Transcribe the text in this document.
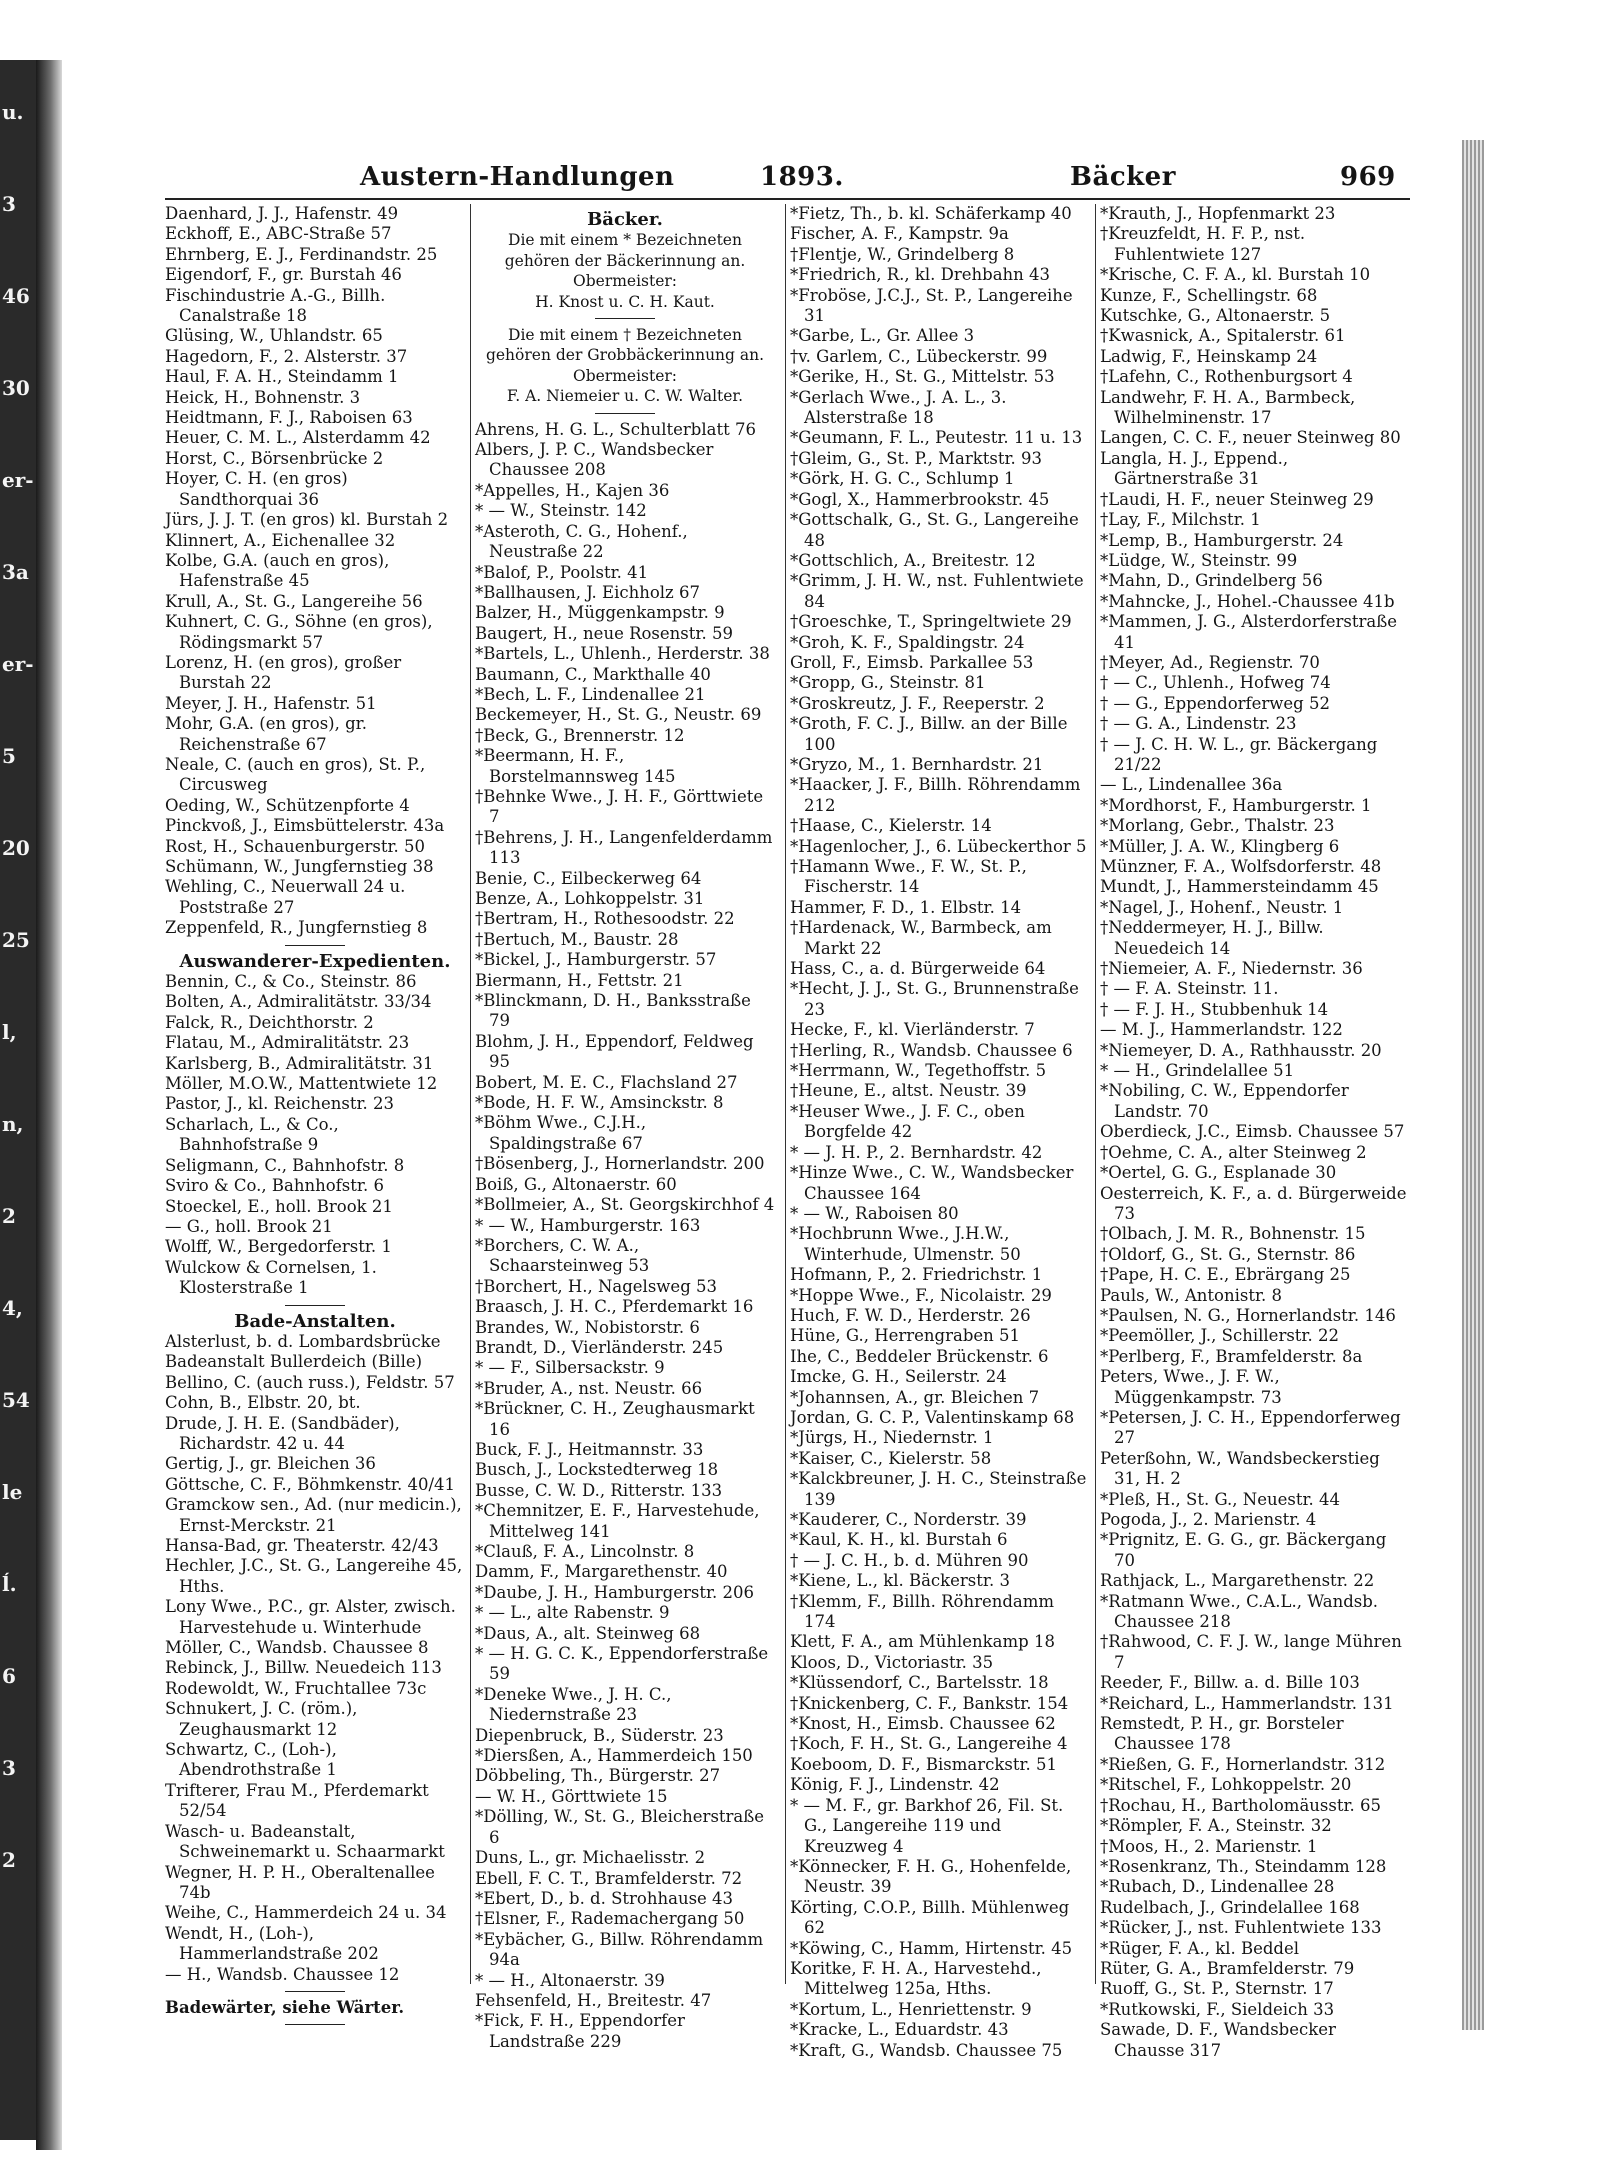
u.
3
46
30
er-
3a
er-
5
20
25
l,
n,
2
4,
54
le
ĺ.
6
3
2
Austern-Handlungen	1893.	Bäcker	969
Daenhard, J. J., Hafenstr. 49
Eckhoff, E., ABC-Straße 57
Ehrnberg, E. J., Ferdinandstr. 25
Eigendorf, F., gr. Burstah 46
Fischindustrie A.-G., Billh. Canalstraße 18
Glüsing, W., Uhlandstr. 65
Hagedorn, F., 2. Alsterstr. 37
Haul, F. A. H., Steindamm 1
Heick, H., Bohnenstr. 3
Heidtmann, F. J., Raboisen 63
Heuer, C. M. L., Alsterdamm 42
Horst, C., Börsenbrücke 2
Hoyer, C. H. (en gros) Sandthorquai 36
Jürs, J. J. T. (en gros) kl. Burstah 2
Klinnert, A., Eichenallee 32
Kolbe, G.A. (auch en gros), Hafenstraße 45
Krull, A., St. G., Langereihe 56
Kuhnert, C. G., Söhne (en gros), Rödingsmarkt 57
Lorenz, H. (en gros), großer Burstah 22
Meyer, J. H., Hafenstr. 51
Mohr, G.A. (en gros), gr. Reichenstraße 67
Neale, C. (auch en gros), St. P., Circusweg
Oeding, W., Schützenpforte 4
Pinckvoß, J., Eimsbüttelerstr. 43a
Rost, H., Schauenburgerstr. 50
Schümann, W., Jungfernstieg 38
Wehling, C., Neuerwall 24 u. Poststraße 27
Zeppenfeld, R., Jungfernstieg 8
Auswanderer-Expedienten.
Bennin, C., & Co., Steinstr. 86
Bolten, A., Admiralitätstr. 33/34
Falck, R., Deichthorstr. 2
Flatau, M., Admiralitätstr. 23
Karlsberg, B., Admiralitätstr. 31
Möller, M.O.W., Mattentwiete 12
Pastor, J., kl. Reichenstr. 23
Scharlach, L., & Co., Bahnhofstraße 9
Seligmann, C., Bahnhofstr. 8
Sviro & Co., Bahnhofstr. 6
Stoeckel, E., holl. Brook 21
— G., holl. Brook 21
Wolff, W., Bergedorferstr. 1
Wulckow & Cornelsen, 1. Klosterstraße 1
Bade-Anstalten.
Alsterlust, b. d. Lombardsbrücke
Badeanstalt Bullerdeich (Bille)
Bellino, C. (auch russ.), Feldstr. 57
Cohn, B., Elbstr. 20, bt.
Drude, J. H. E. (Sandbäder), Richardstr. 42 u. 44
Gertig, J., gr. Bleichen 36
Göttsche, C. F., Böhmkenstr. 40/41
Gramckow sen., Ad. (nur medicin.), Ernst-Merckstr. 21
Hansa-Bad, gr. Theaterstr. 42/43
Hechler, J.C., St. G., Langereihe 45, Hths.
Lony Wwe., P.C., gr. Alster, zwisch. Harvestehude u. Winterhude
Möller, C., Wandsb. Chaussee 8
Rebinck, J., Billw. Neuedeich 113
Rodewoldt, W., Fruchtallee 73c
Schnukert, J. C. (röm.), Zeughausmarkt 12
Schwartz, C., (Loh-), Abendrothstraße 1
Trifterer, Frau M., Pferdemarkt 52/54
Wasch- u. Badeanstalt, Schweinemarkt u. Schaarmarkt
Wegner, H. P. H., Oberaltenallee 74b
Weihe, C., Hammerdeich 24 u. 34
Wendt, H., (Loh-), Hammerlandstraße 202
— H., Wandsb. Chaussee 12
Badewärter, siehe Wärter.
Bäcker.
Die mit einem * Bezeichneten gehören der Bäckerinnung an.
Obermeister:
H. Knost u. C. H. Kaut.
Die mit einem † Bezeichneten gehören der Grobbäckerinnung an.
Obermeister:
F. A. Niemeier u. C. W. Walter.
Ahrens, H. G. L., Schulterblatt 76
Albers, J. P. C., Wandsbecker Chaussee 208
*Appelles, H., Kajen 36
* — W., Steinstr. 142
*Asteroth, C. G., Hohenf., Neustraße 22
*Balof, P., Poolstr. 41
*Ballhausen, J. Eichholz 67
Balzer, H., Müggenkampstr. 9
Baugert, H., neue Rosenstr. 59
*Bartels, L., Uhlenh., Herderstr. 38
Baumann, C., Markthalle 40
*Bech, L. F., Lindenallee 21
Beckemeyer, H., St. G., Neustr. 69
†Beck, G., Brennerstr. 12
*Beermann, H. F., Borstelmannsweg 145
†Behnke Wwe., J. H. F., Görttwiete 7
†Behrens, J. H., Langenfelderdamm 113
Benie, C., Eilbeckerweg 64
Benze, A., Lohkoppelstr. 31
†Bertram, H., Rothesoodstr. 22
†Bertuch, M., Baustr. 28
*Bickel, J., Hamburgerstr. 57
Biermann, H., Fettstr. 21
*Blinckmann, D. H., Banksstraße 79
Blohm, J. H., Eppendorf, Feldweg 95
Bobert, M. E. C., Flachsland 27
*Bode, H. F. W., Amsinckstr. 8
*Böhm Wwe., C.J.H., Spaldingstraße 67
†Bösenberg, J., Hornerlandstr. 200
Boiß, G., Altonaerstr. 60
*Bollmeier, A., St. Georgskirchhof 4
* — W., Hamburgerstr. 163
*Borchers, C. W. A., Schaarsteinweg 53
†Borchert, H., Nagelsweg 53
Braasch, J. H. C., Pferdemarkt 16
Brandes, W., Nobistorstr. 6
Brandt, D., Vierländerstr. 245
* — F., Silbersackstr. 9
*Bruder, A., nst. Neustr. 66
*Brückner, C. H., Zeughausmarkt 16
Buck, F. J., Heitmannstr. 33
Busch, J., Lockstedterweg 18
Busse, C. W. D., Ritterstr. 133
*Chemnitzer, E. F., Harvestehude, Mittelweg 141
*Clauß, F. A., Lincolnstr. 8
Damm, F., Margarethenstr. 40
*Daube, J. H., Hamburgerstr. 206
* — L., alte Rabenstr. 9
*Daus, A., alt. Steinweg 68
* — H. G. C. K., Eppendorferstraße 59
*Deneke Wwe., J. H. C., Niedernstraße 23
Diepenbruck, B., Süderstr. 23
*Diersßen, A., Hammerdeich 150
Döbbeling, Th., Bürgerstr. 27
— W. H., Görttwiete 15
*Dölling, W., St. G., Bleicherstraße 6
Duns, L., gr. Michaelisstr. 2
Ebell, F. C. T., Bramfelderstr. 72
*Ebert, D., b. d. Strohhause 43
†Elsner, F., Rademachergang 50
*Eybächer, G., Billw. Röhrendamm 94a
* — H., Altonaerstr. 39
Fehsenfeld, H., Breitestr. 47
*Fick, F. H., Eppendorfer Landstraße 229
*Fietz, Th., b. kl. Schäferkamp 40
Fischer, A. F., Kampstr. 9a
†Flentje, W., Grindelberg 8
*Friedrich, R., kl. Drehbahn 43
*Froböse, J.C.J., St. P., Langereihe 31
*Garbe, L., Gr. Allee 3
†v. Garlem, C., Lübeckerstr. 99
*Gerike, H., St. G., Mittelstr. 53
*Gerlach Wwe., J. A. L., 3. Alsterstraße 18
*Geumann, F. L., Peutestr. 11 u. 13
†Gleim, G., St. P., Marktstr. 93
*Görk, H. G. C., Schlump 1
*Gogl, X., Hammerbrookstr. 45
*Gottschalk, G., St. G., Langereihe 48
*Gottschlich, A., Breitestr. 12
*Grimm, J. H. W., nst. Fuhlentwiete 84
†Groeschke, T., Springeltwiete 29
*Groh, K. F., Spaldingstr. 24
Groll, F., Eimsb. Parkallee 53
*Gropp, G., Steinstr. 81
*Groskreutz, J. F., Reeperstr. 2
*Groth, F. C. J., Billw. an der Bille 100
*Gryzo, M., 1. Bernhardstr. 21
*Haacker, J. F., Billh. Röhrendamm 212
†Haase, C., Kielerstr. 14
*Hagenlocher, J., 6. Lübeckerthor 5
†Hamann Wwe., F. W., St. P., Fischerstr. 14
Hammer, F. D., 1. Elbstr. 14
†Hardenack, W., Barmbeck, am Markt 22
Hass, C., a. d. Bürgerweide 64
*Hecht, J. J., St. G., Brunnenstraße 23
Hecke, F., kl. Vierländerstr. 7
†Herling, R., Wandsb. Chaussee 6
*Herrmann, W., Tegethoffstr. 5
†Heune, E., altst. Neustr. 39
*Heuser Wwe., J. F. C., oben Borgfelde 42
* — J. H. P., 2. Bernhardstr. 42
*Hinze Wwe., C. W., Wandsbecker Chaussee 164
* — W., Raboisen 80
*Hochbrunn Wwe., J.H.W., Winterhude, Ulmenstr. 50
Hofmann, P., 2. Friedrichstr. 1
*Hoppe Wwe., F., Nicolaistr. 29
Huch, F. W. D., Herderstr. 26
Hüne, G., Herrengraben 51
Ihe, C., Beddeler Brückenstr. 6
Imcke, G. H., Seilerstr. 24
*Johannsen, A., gr. Bleichen 7
Jordan, G. C. P., Valentinskamp 68
*Jürgs, H., Niedernstr. 1
*Kaiser, C., Kielerstr. 58
*Kalckbreuner, J. H. C., Steinstraße 139
*Kauderer, C., Norderstr. 39
*Kaul, K. H., kl. Burstah 6
† — J. C. H., b. d. Mühren 90
*Kiene, L., kl. Bäckerstr. 3
†Klemm, F., Billh. Röhrendamm 174
Klett, F. A., am Mühlenkamp 18
Kloos, D., Victoriastr. 35
*Klüssendorf, C., Bartelsstr. 18
†Knickenberg, C. F., Bankstr. 154
*Knost, H., Eimsb. Chaussee 62
†Koch, F. H., St. G., Langereihe 4
Koeboom, D. F., Bismarckstr. 51
König, F. J., Lindenstr. 42
* — M. F., gr. Barkhof 26, Fil. St. G., Langereihe 119 und Kreuzweg 4
*Könnecker, F. H. G., Hohenfelde, Neustr. 39
Körting, C.O.P., Billh. Mühlenweg 62
*Köwing, C., Hamm, Hirtenstr. 45
Koritke, F. H. A., Harvestehd., Mittelweg 125a, Hths.
*Kortum, L., Henriettenstr. 9
*Kracke, L., Eduardstr. 43
*Kraft, G., Wandsb. Chaussee 75
*Krauth, J., Hopfenmarkt 23
†Kreuzfeldt, H. F. P., nst. Fuhlentwiete 127
*Krische, C. F. A., kl. Burstah 10
Kunze, F., Schellingstr. 68
Kutschke, G., Altonaerstr. 5
†Kwasnick, A., Spitalerstr. 61
Ladwig, F., Heinskamp 24
†Lafehn, C., Rothenburgsort 4
Landwehr, F. H. A., Barmbeck, Wilhelminenstr. 17
Langen, C. C. F., neuer Steinweg 80
Langla, H. J., Eppend., Gärtnerstraße 31
†Laudi, H. F., neuer Steinweg 29
†Lay, F., Milchstr. 1
*Lemp, B., Hamburgerstr. 24
*Lüdge, W., Steinstr. 99
*Mahn, D., Grindelberg 56
*Mahncke, J., Hohel.-Chaussee 41b
*Mammen, J. G., Alsterdorferstraße 41
†Meyer, Ad., Regienstr. 70
† — C., Uhlenh., Hofweg 74
† — G., Eppendorferweg 52
† — G. A., Lindenstr. 23
† — J. C. H. W. L., gr. Bäckergang 21/22
— L., Lindenallee 36a
*Mordhorst, F., Hamburgerstr. 1
*Morlang, Gebr., Thalstr. 23
*Müller, J. A. W., Klingberg 6
Münzner, F. A., Wolfsdorferstr. 48
Mundt, J., Hammersteindamm 45
*Nagel, J., Hohenf., Neustr. 1
†Neddermeyer, H. J., Billw. Neuedeich 14
†Niemeier, A. F., Niedernstr. 36
† — F. A. Steinstr. 11.
† — F. J. H., Stubbenhuk 14
— M. J., Hammerlandstr. 122
*Niemeyer, D. A., Rathhausstr. 20
* — H., Grindelallee 51
*Nobiling, C. W., Eppendorfer Landstr. 70
Oberdieck, J.C., Eimsb. Chaussee 57
†Oehme, C. A., alter Steinweg 2
*Oertel, G. G., Esplanade 30
Oesterreich, K. F., a. d. Bürgerweide 73
†Olbach, J. M. R., Bohnenstr. 15
†Oldorf, G., St. G., Sternstr. 86
†Pape, H. C. E., Ebrärgang 25
Pauls, W., Antonistr. 8
*Paulsen, N. G., Hornerlandstr. 146
*Peemöller, J., Schillerstr. 22
*Perlberg, F., Bramfelderstr. 8a
Peters, Wwe., J. F. W., Müggenkampstr. 73
*Petersen, J. C. H., Eppendorferweg 27
Peterßohn, W., Wandsbeckerstieg 31, H. 2
*Pleß, H., St. G., Neuestr. 44
Pogoda, J., 2. Marienstr. 4
*Prignitz, E. G. G., gr. Bäckergang 70
Rathjack, L., Margarethenstr. 22
*Ratmann Wwe., C.A.L., Wandsb. Chaussee 218
†Rahwood, C. F. J. W., lange Mühren 7
Reeder, F., Billw. a. d. Bille 103
*Reichard, L., Hammerlandstr. 131
Remstedt, P. H., gr. Borsteler Chaussee 178
*Rießen, G. F., Hornerlandstr. 312
*Ritschel, F., Lohkoppelstr. 20
†Rochau, H., Bartholomäusstr. 65
*Römpler, F. A., Steinstr. 32
†Moos, H., 2. Marienstr. 1
*Rosenkranz, Th., Steindamm 128
*Rubach, D., Lindenallee 28
Rudelbach, J., Grindelallee 168
*Rücker, J., nst. Fuhlentwiete 133
*Rüger, F. A., kl. Beddel
Rüter, G. A., Bramfelderstr. 79
Ruoff, G., St. P., Sternstr. 17
*Rutkowski, F., Sieldeich 33
Sawade, D. F., Wandsbecker Chausse 317
